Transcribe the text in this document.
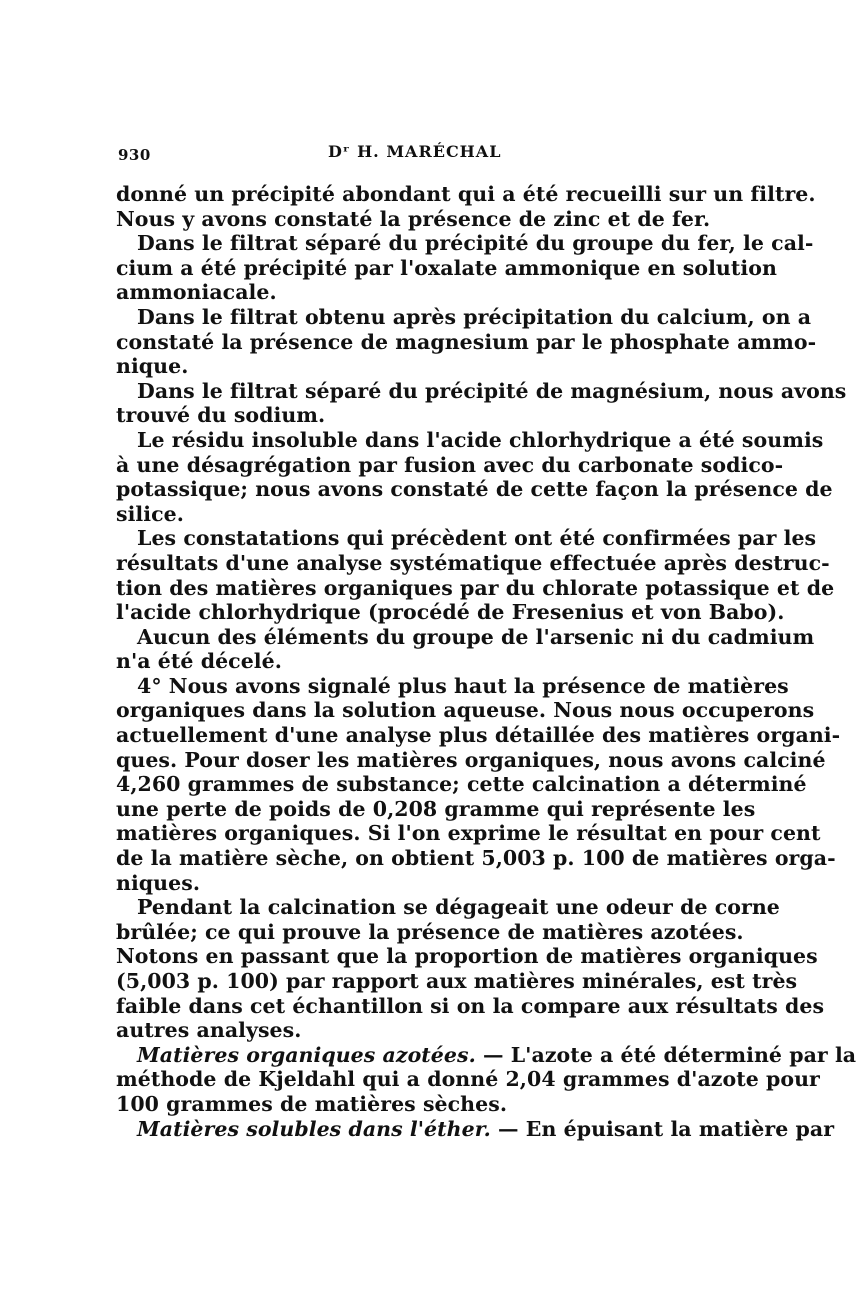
930	Dʳ H. MARÉCHAL
donné un précipité abondant qui a été recueilli sur un filtre.
Nous y avons constaté la présence de zinc et de fer.
Dans le filtrat séparé du précipité du groupe du fer, le cal-
cium a été précipité par l'oxalate ammonique en solution
ammoniacale.
Dans le filtrat obtenu après précipitation du calcium, on a
constaté la présence de magnesium par le phosphate ammo-
nique.
Dans le filtrat séparé du précipité de magnésium, nous avons
trouvé du sodium.
Le résidu insoluble dans l'acide chlorhydrique a été soumis
à une désagrégation par fusion avec du carbonate sodico-
potassique; nous avons constaté de cette façon la présence de
silice.
Les constatations qui précèdent ont été confirmées par les
résultats d'une analyse systématique effectuée après destruc-
tion des matières organiques par du chlorate potassique et de
l'acide chlorhydrique (procédé de Fresenius et von Babo).
Aucun des éléments du groupe de l'arsenic ni du cadmium
n'a été décelé.
4° Nous avons signalé plus haut la présence de matières
organiques dans la solution aqueuse. Nous nous occuperons
actuellement d'une analyse plus détaillée des matières organi-
ques. Pour doser les matières organiques, nous avons calciné
4,260 grammes de substance; cette calcination a déterminé
une perte de poids de 0,208 gramme qui représente les
matières organiques. Si l'on exprime le résultat en pour cent
de la matière sèche, on obtient 5,003 p. 100 de matières orga-
niques.
Pendant la calcination se dégageait une odeur de corne
brûlée; ce qui prouve la présence de matières azotées.
Notons en passant que la proportion de matières organiques
(5,003 p. 100) par rapport aux matières minérales, est très
faible dans cet échantillon si on la compare aux résultats des
autres analyses.
Matières organiques azotées. — L'azote a été déterminé par la
méthode de Kjeldahl qui a donné 2,04 grammes d'azote pour
100 grammes de matières sèches.
Matières solubles dans l'éther. — En épuisant la matière par
